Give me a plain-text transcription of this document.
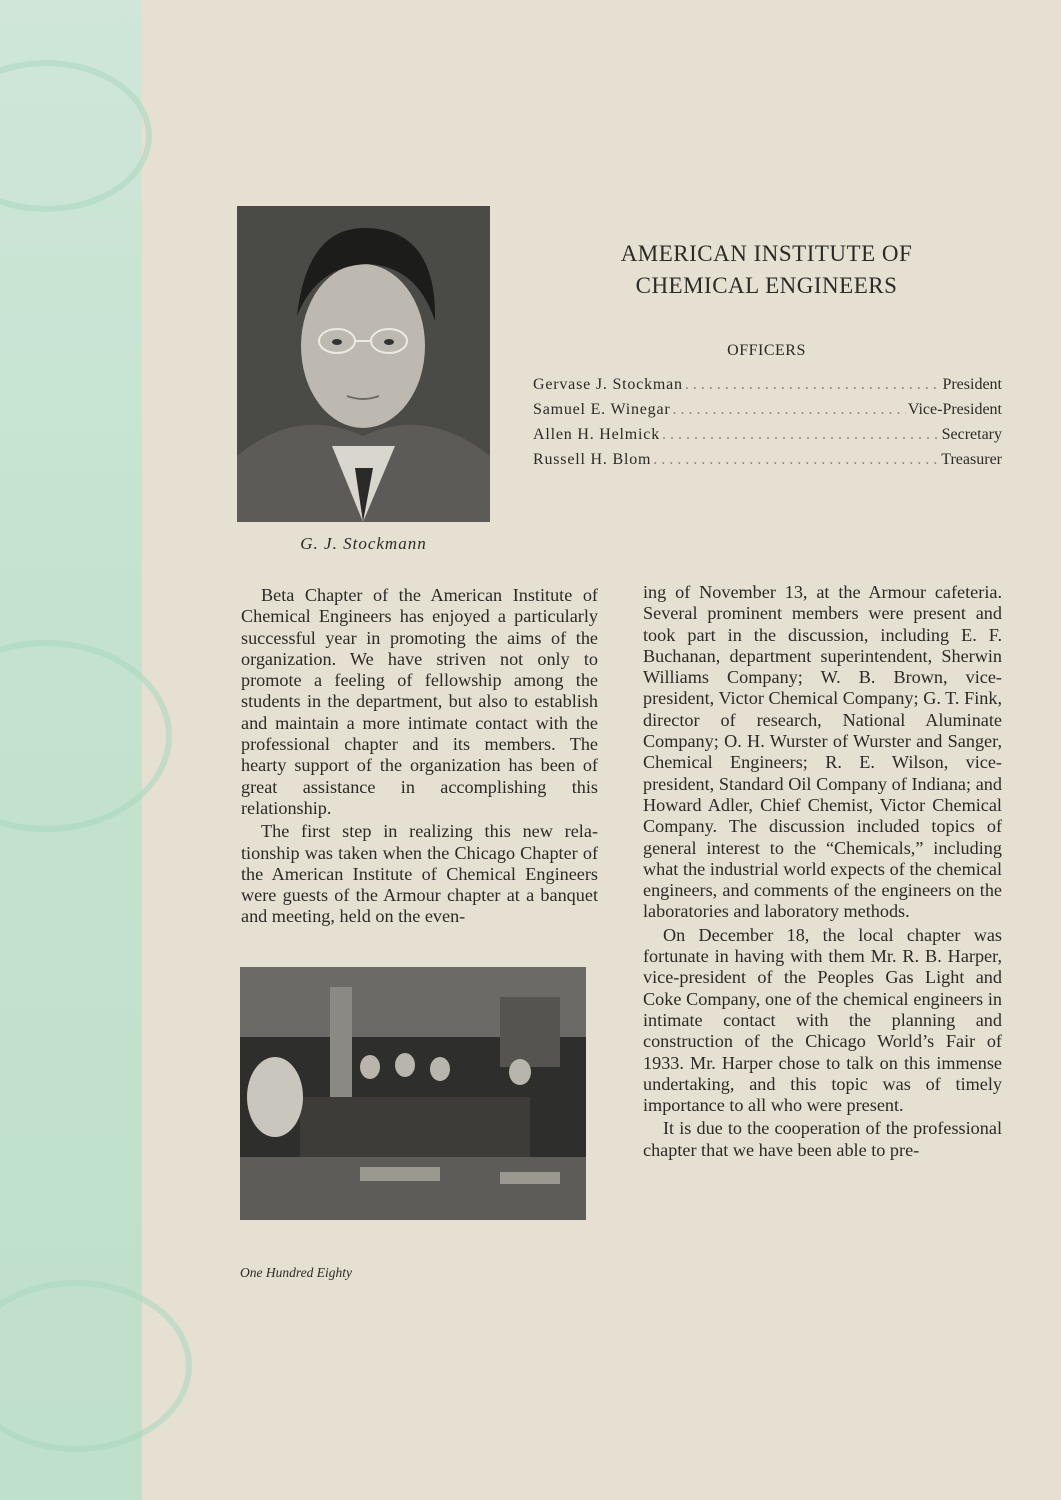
G. J. Stockmann
AMERICAN INSTITUTE OF
CHEMICAL ENGINEERS
OFFICERS
Gervase J. Stockman . . .	President
Samuel E. Winegar . . .	Vice-President
Allen H. Helmick . . .	Secretary
Russell H. Blom . . .	Treasurer

Beta Chapter of the American Institute of Chemical Engineers has enjoyed a particularly successful year in promoting the aims of the organization. We have striven not only to promote a feeling of fellowship among the students in the department, but also to establish and maintain a more intimate contact with the professional chapter and its members. The hearty support of the organization has been of great assistance in accomplishing this relationship.

The first step in realizing this new relationship was taken when the Chicago Chapter of the American Institute of Chemical Engineers were guests of the Armour chapter at a banquet and meeting, held on the even-

ing of November 13, at the Armour cafeteria. Several prominent members were present and took part in the discussion, including E. F. Buchanan, department superintendent, Sherwin Williams Company; W. B. Brown, vice-president, Victor Chemical Company; G. T. Fink, director of research, National Aluminate Company; O. H. Wurster of Wurster and Sanger, Chemical Engineers; R. E. Wilson, vice-president, Standard Oil Company of Indiana; and Howard Adler, Chief Chemist, Victor Chemical Company. The discussion included topics of general interest to the “Chemicals,” including what the industrial world expects of the chemical engineers, and comments of the engineers on the laboratories and laboratory methods.

On December 18, the local chapter was fortunate in having with them Mr. R. B. Harper, vice-president of the Peoples Gas Light and Coke Company, one of the chemical engineers in intimate contact with the planning and construction of the Chicago World’s Fair of 1933. Mr. Harper chose to talk on this immense undertaking, and this topic was of timely importance to all who were present.

It is due to the cooperation of the professional chapter that we have been able to pre-

One Hundred Eighty
